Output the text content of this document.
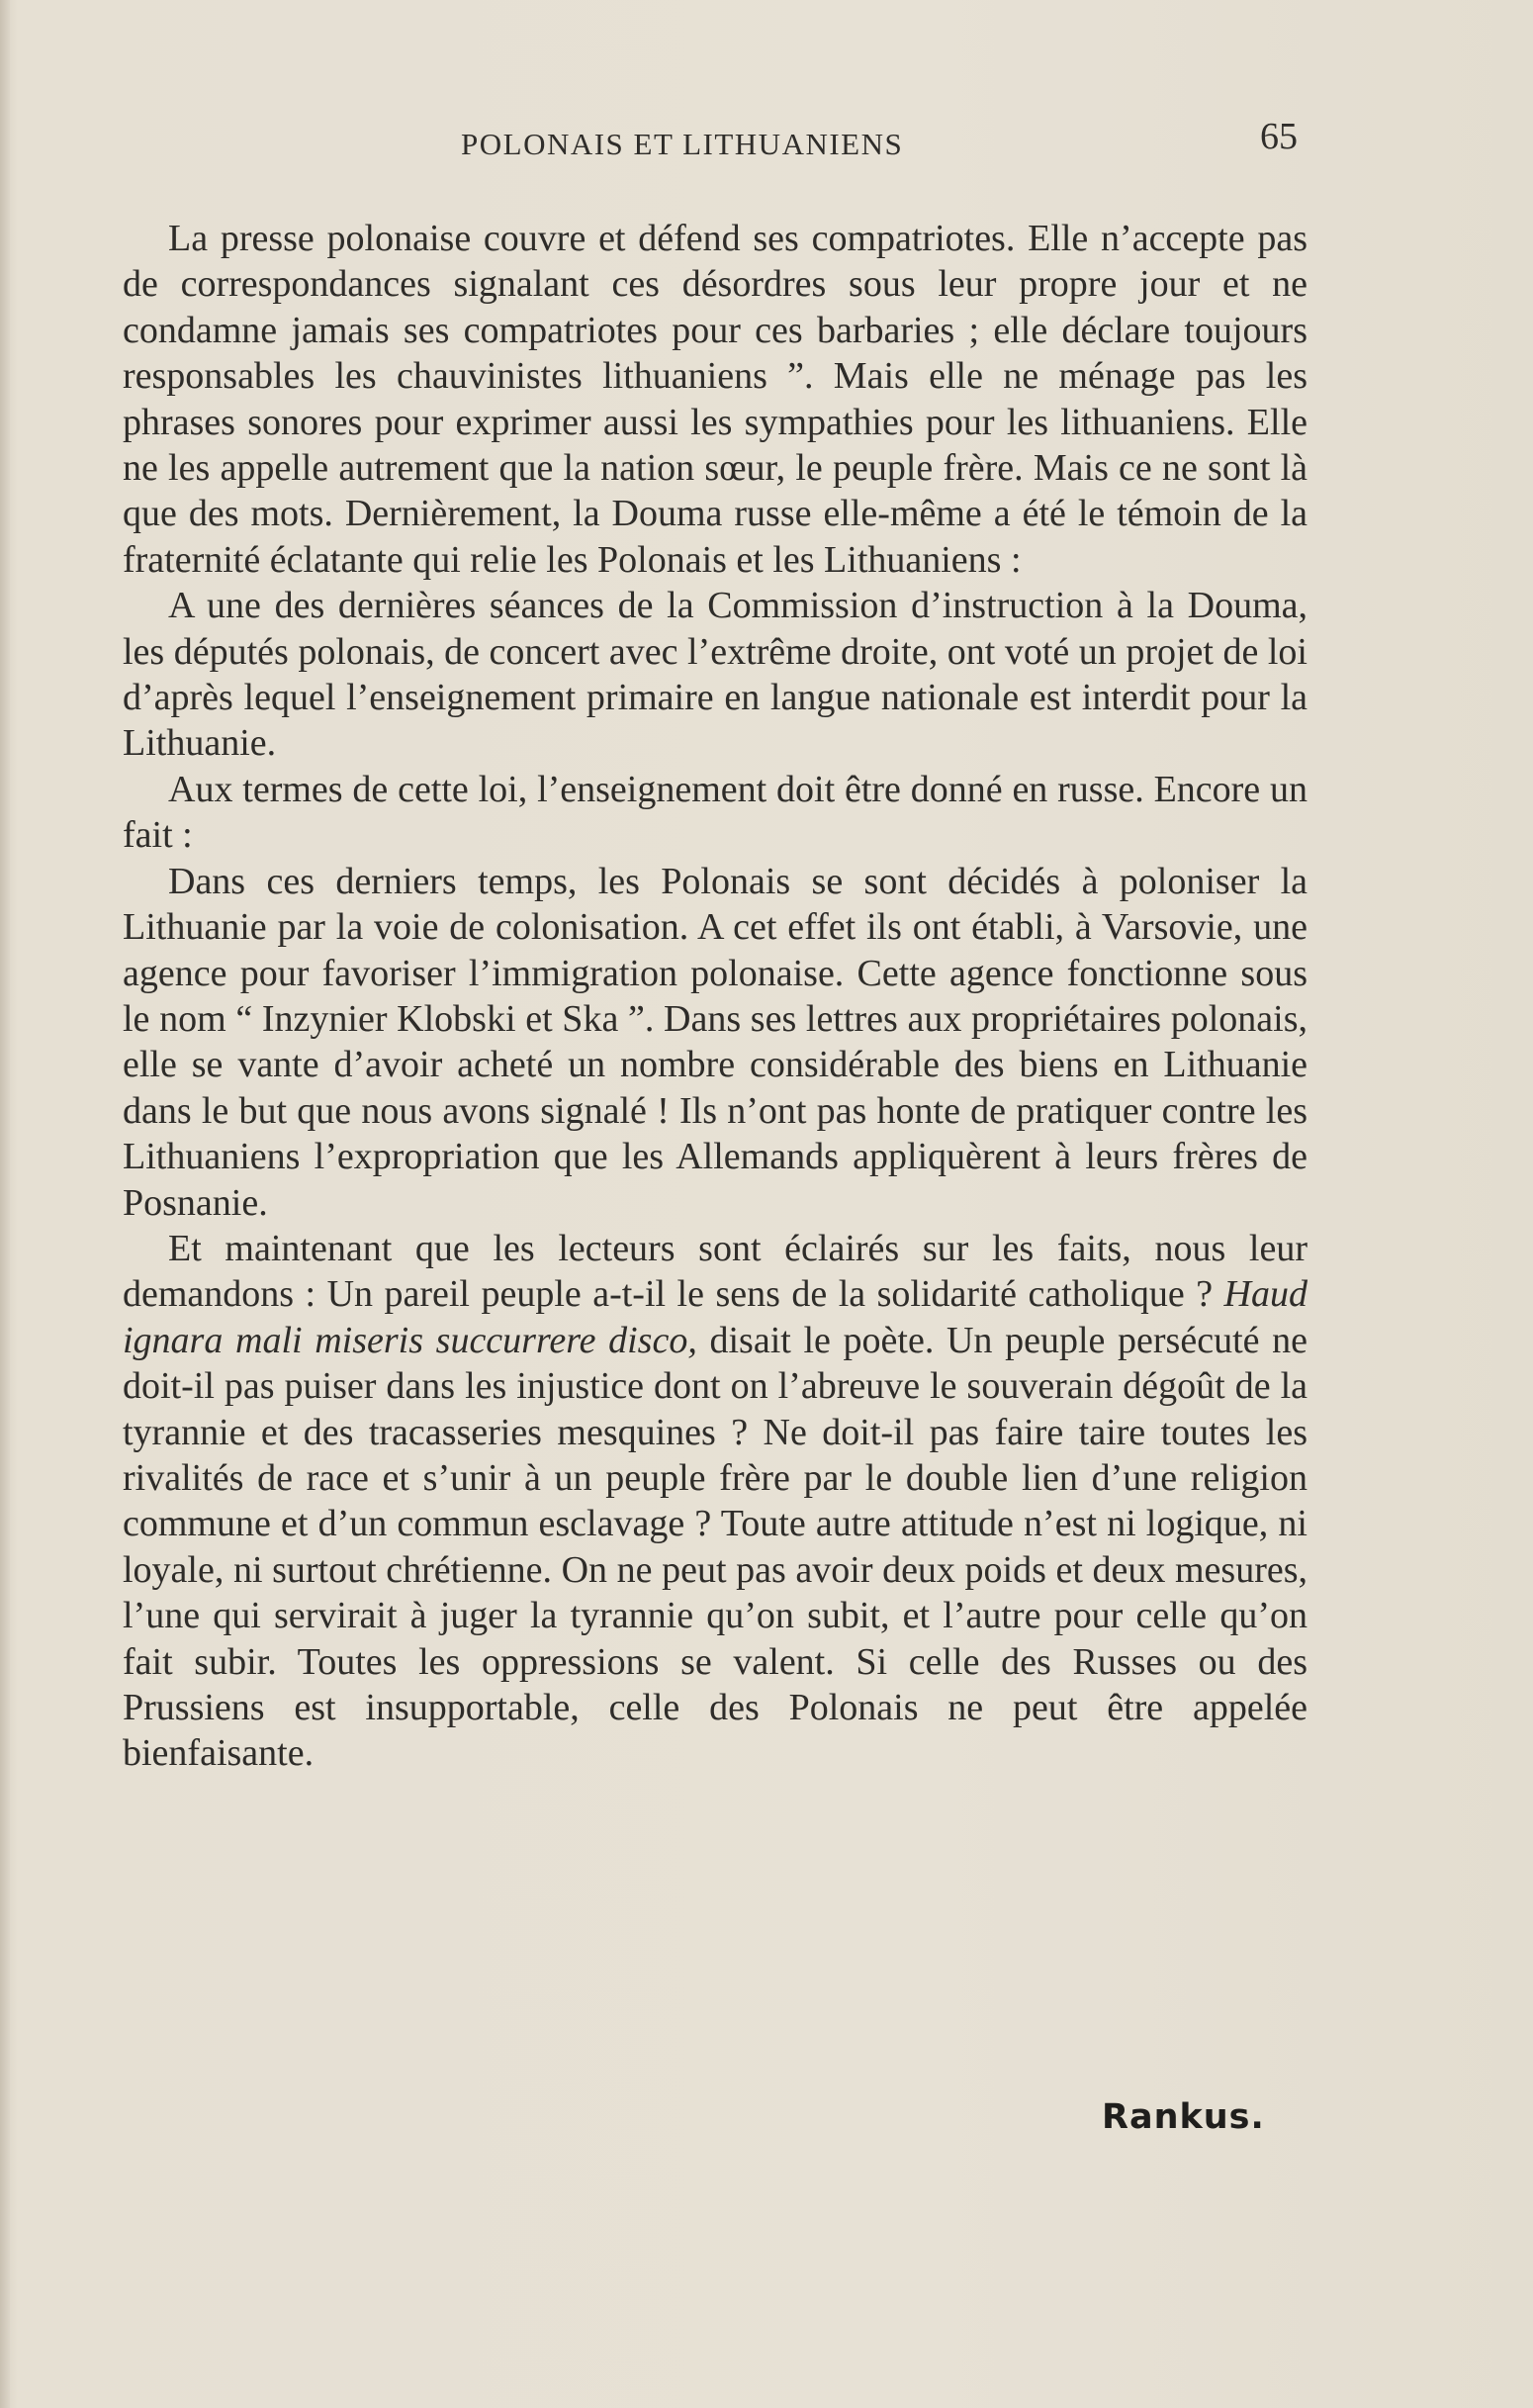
POLONAIS ET LITHUANIENS	65

La presse polonaise couvre et défend ses compatriotes. Elle n’accepte pas de correspondances signalant ces désordres sous leur propre jour et ne condamne jamais ses compatriotes pour ces barbaries ; elle déclare toujours responsables les chauvinistes lithuaniens ”. Mais elle ne ménage pas les phrases sonores pour exprimer aussi les sympathies pour les lithuaniens. Elle ne les appelle autrement que la nation sœur, le peuple frère. Mais ce ne sont là que des mots. Dernièrement, la Douma russe elle-même a été le témoin de la fraternité éclatante qui relie les Polonais et les Lithuaniens :

A une des dernières séances de la Commission d’instruction à la Douma, les députés polonais, de concert avec l’extrême droite, ont voté un projet de loi d’après lequel l’enseignement primaire en langue nationale est interdit pour la Lithuanie.

Aux termes de cette loi, l’enseignement doit être donné en russe. Encore un fait :

Dans ces derniers temps, les Polonais se sont décidés à poloniser la Lithuanie par la voie de colonisation. A cet effet ils ont établi, à Varsovie, une agence pour favoriser l’immigration polonaise. Cette agence fonctionne sous le nom “ Inzynier Klobski et Ska ”. Dans ses lettres aux propriétaires polonais, elle se vante d’avoir acheté un nombre considérable des biens en Lithuanie dans le but que nous avons signalé ! Ils n’ont pas honte de pratiquer contre les Lithuaniens l’expropriation que les Allemands appliquèrent à leurs frères de Posnanie.

Et maintenant que les lecteurs sont éclairés sur les faits, nous leur demandons : Un pareil peuple a-t-il le sens de la solidarité catholique ? Haud ignara mali miseris succurrere disco, disait le poète. Un peuple persécuté ne doit-il pas puiser dans les injustice dont on l’abreuve le souverain dégoût de la tyrannie et des tracasseries mesquines ? Ne doit-il pas faire taire toutes les rivalités de race et s’unir à un peuple frère par le double lien d’une religion commune et d’un commun esclavage ? Toute autre attitude n’est ni logique, ni loyale, ni surtout chrétienne. On ne peut pas avoir deux poids et deux mesures, l’une qui servirait à juger la tyrannie qu’on subit, et l’autre pour celle qu’on fait subir. Toutes les oppressions se valent. Si celle des Russes ou des Prussiens est insupportable, celle des Polonais ne peut être appelée bienfaisante.

Rankus.
